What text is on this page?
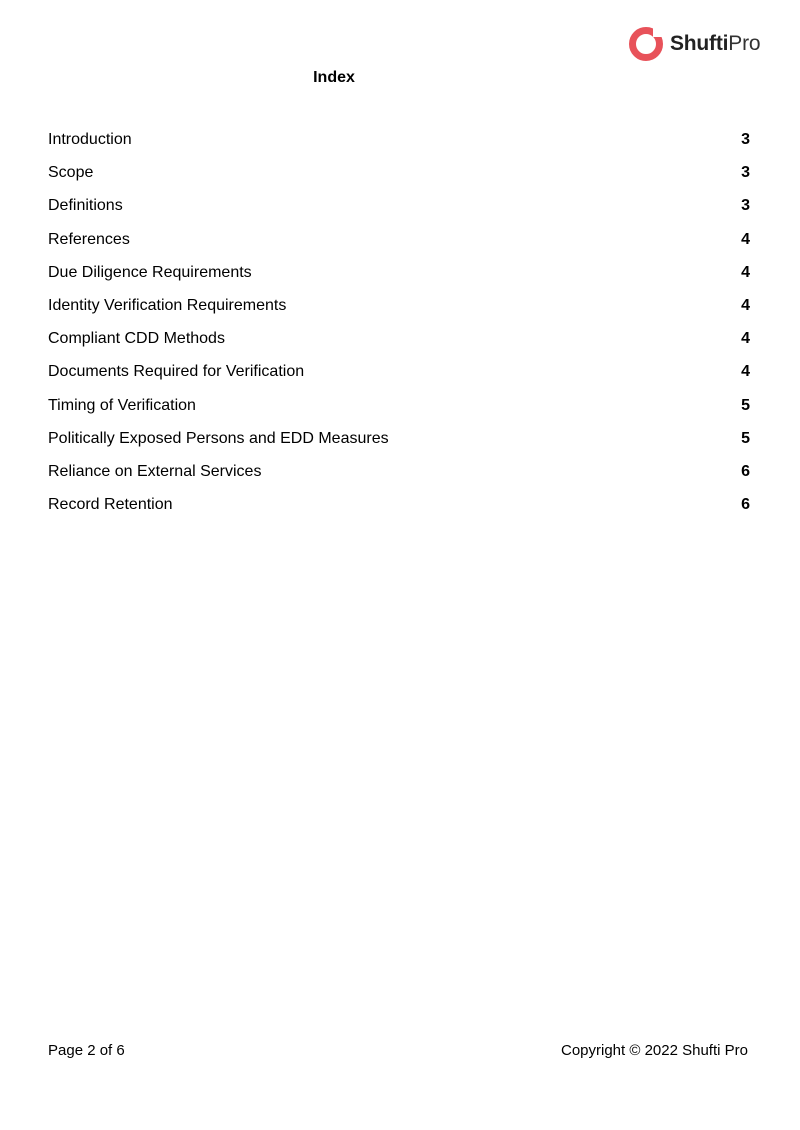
ShuftiPro
Index
Introduction	3
Scope	3
Definitions	3
References	4
Due Diligence Requirements	4
Identity Verification Requirements	4
Compliant CDD Methods	4
Documents Required for Verification	4
Timing of Verification	5
Politically Exposed Persons and EDD Measures	5
Reliance on External Services	6
Record Retention	6
Page 2 of 6	Copyright © 2022 Shufti Pro
